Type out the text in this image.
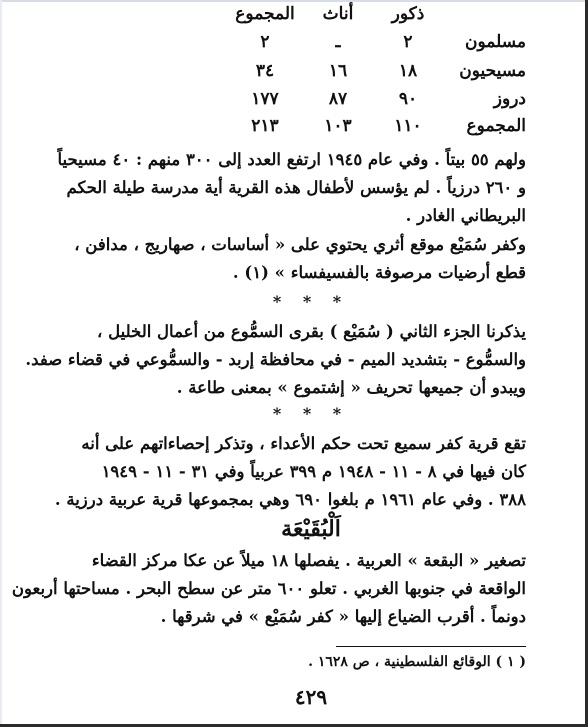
ذكور
أناث
المجموع
مسلمون
٢
ـ
٢
مسيحيون
١٨
١٦
٣٤
دروز
٩٠
٨٧
١٧٧
المجموع
١١٠
١٠٣
٢١٣

ولهم ٥٥ بيتاً . وفي عام ١٩٤٥ ارتفع العدد إلى ٣٠٠ منهم : ٤٠ مسيحياً
و ٢٦٠ درزياً . لم يؤسس لأطفال هذه القرية أية مدرسة طيلة الحكم
البريطاني الغادر .

وكفر سُمَيْع موقع أثري يحتوي على « أساسات ، صهاريج ، مدافن ،
قطع أرضيات مرصوفة بالفسيفساء » (١) .

* * *

يذكرنا الجزء الثاني ( سُمَيْع ) بقرى السمُّوع من أعمال الخليل ،
والسمُّوع - بتشديد الميم - في محافظة إربد - والسمُّوعي في قضاء صفد.
ويبدو أن جميعها تحريف « إشتموع » بمعنى طاعة .

* * *

تقع قرية كفر سميع تحت حكم الأعداء ، وتذكر إحصاءاتهم على أنه
كان فيها في ٨ - ١١ - ١٩٤٨ م ٣٩٩ عربياً وفي ٣١ - ١١ - ١٩٤٩
٣٨٨ . وفي عام ١٩٦١ م بلغوا ٦٩٠ وهي بمجموعها قرية عربية درزية .

اَلْبُقَيْعَة

تصغير « البقعة » العربية . يفصلها ١٨ ميلاً عن عكا مركز القضاء
الواقعة في جنوبها الغربي . تعلو ٦٠٠ متر عن سطح البحر . مساحتها أربعون
دونماً . أقرب الضياع إليها « كفر سُمَيْع » في شرقها .

( ١ ) الوقائع الفلسطينية ، ص ١٦٢٨ .
٤٢٩
